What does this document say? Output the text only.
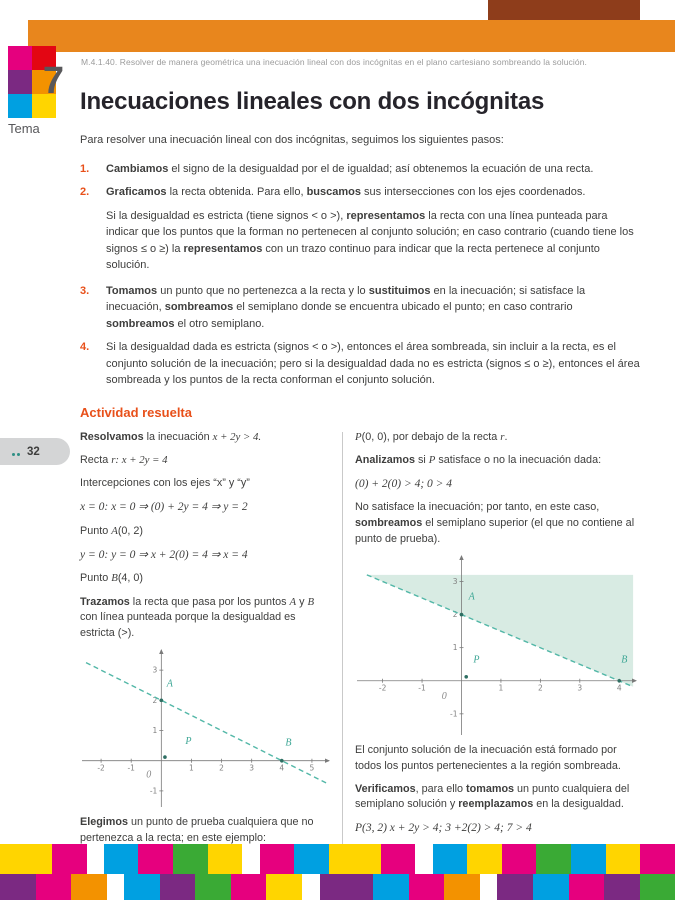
M.4.1.40. Resolver de manera geométrica una inecuación lineal con dos incógnitas en el plano cartesiano sombreando la solución.
7
Tema
Inecuaciones lineales con dos incógnitas

Para resolver una inecuación lineal con dos incógnitas, seguimos los siguientes pasos:

1.	Cambiamos el signo de la desigualdad por el de igualdad; así obtenemos la ecuación de una recta.
2.	Graficamos la recta obtenida. Para ello, buscamos sus intersecciones con los ejes coordenados.

Si la desigualdad es estricta (tiene signos < o >), representamos la recta con una línea punteada para indicar que los puntos que la forman no pertenecen al conjunto solución; en caso contrario (cuando tiene los signos ≤ o ≥) la representamos con un trazo continuo para indicar que la recta pertenece al conjunto solución.

3.	Tomamos un punto que no pertenezca a la recta y lo sustituimos en la inecuación; si satisface la inecuación, sombreamos el semiplano donde se encuentra ubicado el punto; en caso contrario sombreamos el otro semiplano.
4.	Si la desigualdad dada es estricta (signos < o >), entonces el área sombreada, sin incluir a la recta, es el conjunto solución de la inecuación; pero si la desigualdad dada no es estricta (signos ≤ o ≥), entonces el área sombreada y los puntos de la recta conforman el conjunto solución.
Actividad resuelta

Resolvamos la inecuación x + 2y > 4.

Recta r: x + 2y = 4

Intercepciones con los ejes “x” y “y”

x = 0: x = 0 ⇒ (0) + 2y = 4 ⇒ y = 2

Punto A(0, 2)

y = 0: y = 0 ⇒ x + 2(0) = 4 ⇒ x = 4

Punto B(4, 0)

Trazamos la recta que pasa por los puntos A y B con línea punteada porque la desigualdad es estricta (>).

-2	-1	1	2	3	4	5
-1
1
2
3
A
B
P
0

Elegimos un punto de prueba cualquiera que no pertenezca a la recta; en este ejemplo:

P(0, 0), por debajo de la recta r.

Analizamos si P satisface o no la inecuación dada:

(0) + 2(0) > 4; 0 > 4

No satisface la inecuación; por tanto, en este caso, sombreamos el semiplano superior (el que no contiene al punto de prueba).

-2	-1	1	2	3	4
-1
1
2
3
A
B
P
0

El conjunto solución de la inecuación está formado por todos los puntos pertenecientes a la región sombreada.

Verificamos, para ello tomamos un punto cualquiera del semiplano solución y reemplazamos en la desigualdad.

P(3, 2) x + 2y > 4; 3 +2(2) > 4; 7 > 4

32
